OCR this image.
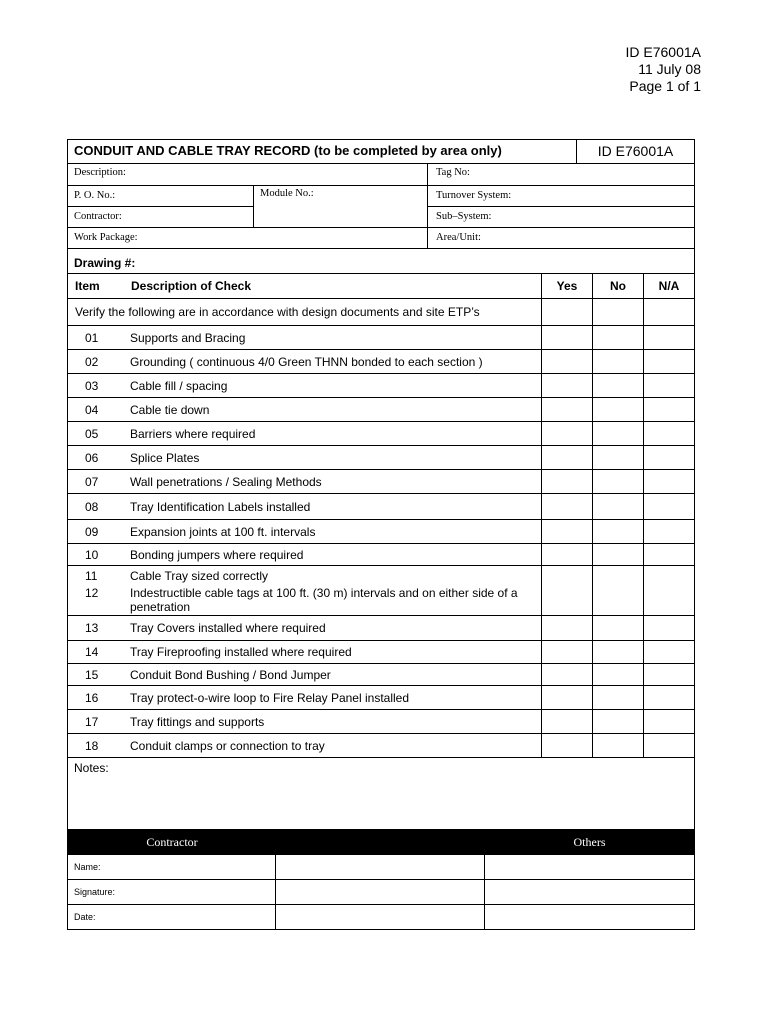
ID E76001A
11 July 08
Page 1 of 1
CONDUIT AND CABLE TRAY RECORD (to be completed by area only)	ID E76001A
Description:	Tag No:
P. O. No.:	Module No.:	Turnover System:
Contractor:	Sub–System:
Work Package:	Area/Unit:
Drawing #:
Item	Description of Check	Yes	No	N/A
Verify the following are in accordance with design documents and site ETP’s
01	Supports and Bracing
02	Grounding ( continuous 4/0 Green THNN bonded to each section )
03	Cable fill / spacing
04	Cable tie down
05	Barriers where required
06	Splice Plates
07	Wall penetrations / Sealing Methods
08	Tray Identification Labels installed
09	Expansion joints at 100 ft. intervals
10	Bonding jumpers where required
11	Cable Tray sized correctly
12	Indestructible cable tags at 100 ft. (30 m) intervals and on either side of a penetration
13	Tray Covers installed where required
14	Tray Fireproofing installed where required
15	Conduit Bond Bushing / Bond Jumper
16	Tray protect-o-wire loop to Fire Relay Panel installed
17	Tray fittings and supports
18	Conduit clamps or connection to tray
Notes:
Contractor	Others
Name:
Signature:
Date:
